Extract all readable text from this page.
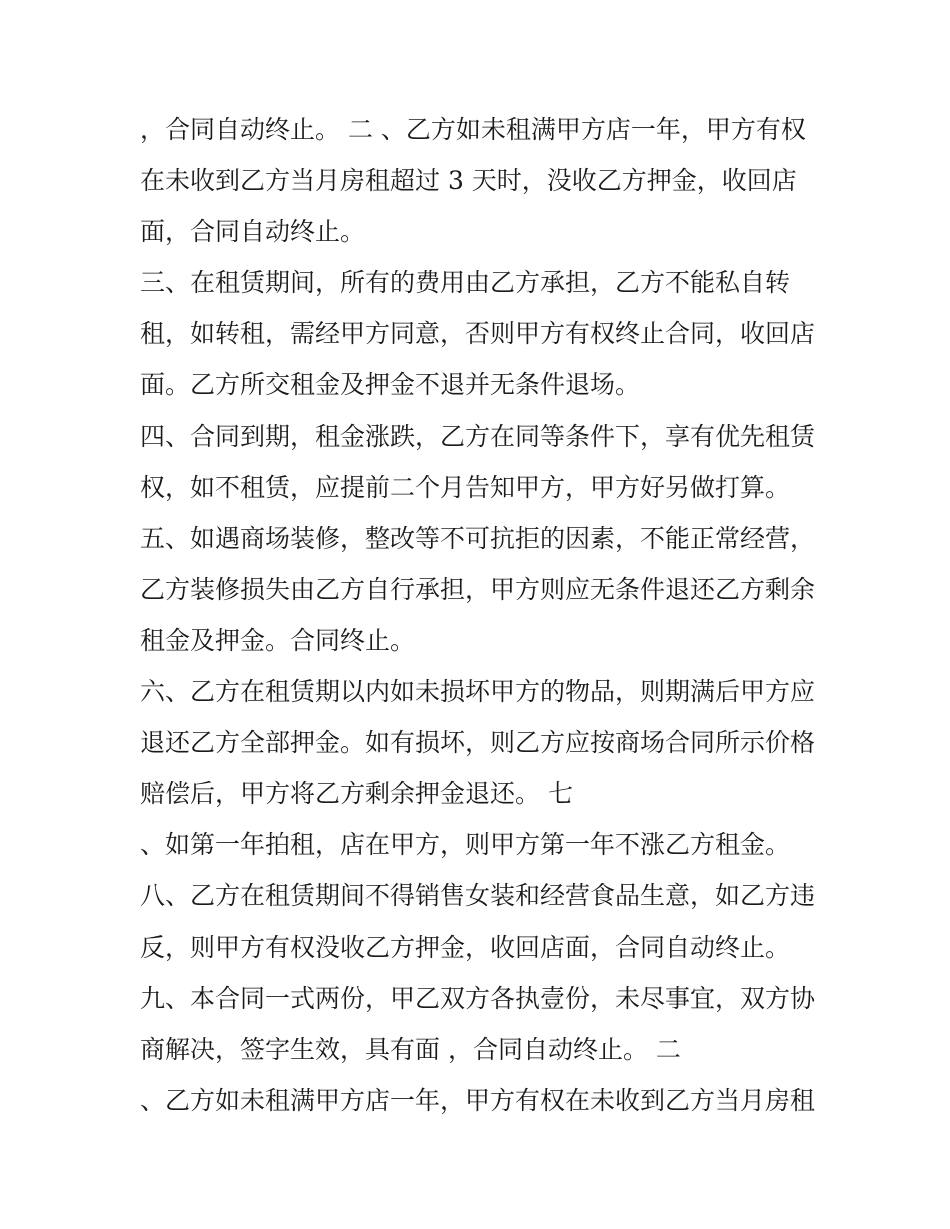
，合同自动终止。 二 、乙方如未租满甲方店一年，甲方有权
在未收到乙方当月房租超过 3 天时，没收乙方押金，收回店
面，合同自动终止。
三、在租赁期间，所有的费用由乙方承担，乙方不能私自转
租，如转租，需经甲方同意，否则甲方有权终止合同，收回店
面。乙方所交租金及押金不退并无条件退场。
四、合同到期，租金涨跌，乙方在同等条件下，享有优先租赁
权，如不租赁，应提前二个月告知甲方，甲方好另做打算。
五、如遇商场装修，整改等不可抗拒的因素，不能正常经营，
乙方装修损失由乙方自行承担，甲方则应无条件退还乙方剩余
租金及押金。合同终止。
六、乙方在租赁期以内如未损坏甲方的物品，则期满后甲方应
退还乙方全部押金。如有损坏，则乙方应按商场合同所示价格
赔偿后，甲方将乙方剩余押金退还。 七
、如第一年拍租，店在甲方，则甲方第一年不涨乙方租金。
八、乙方在租赁期间不得销售女装和经营食品生意，如乙方违
反，则甲方有权没收乙方押金，收回店面，合同自动终止。
九、本合同一式两份，甲乙双方各执壹份，未尽事宜，双方协
商解决，签字生效，具有面 ，合同自动终止。 二
、乙方如未租满甲方店一年，甲方有权在未收到乙方当月房租
